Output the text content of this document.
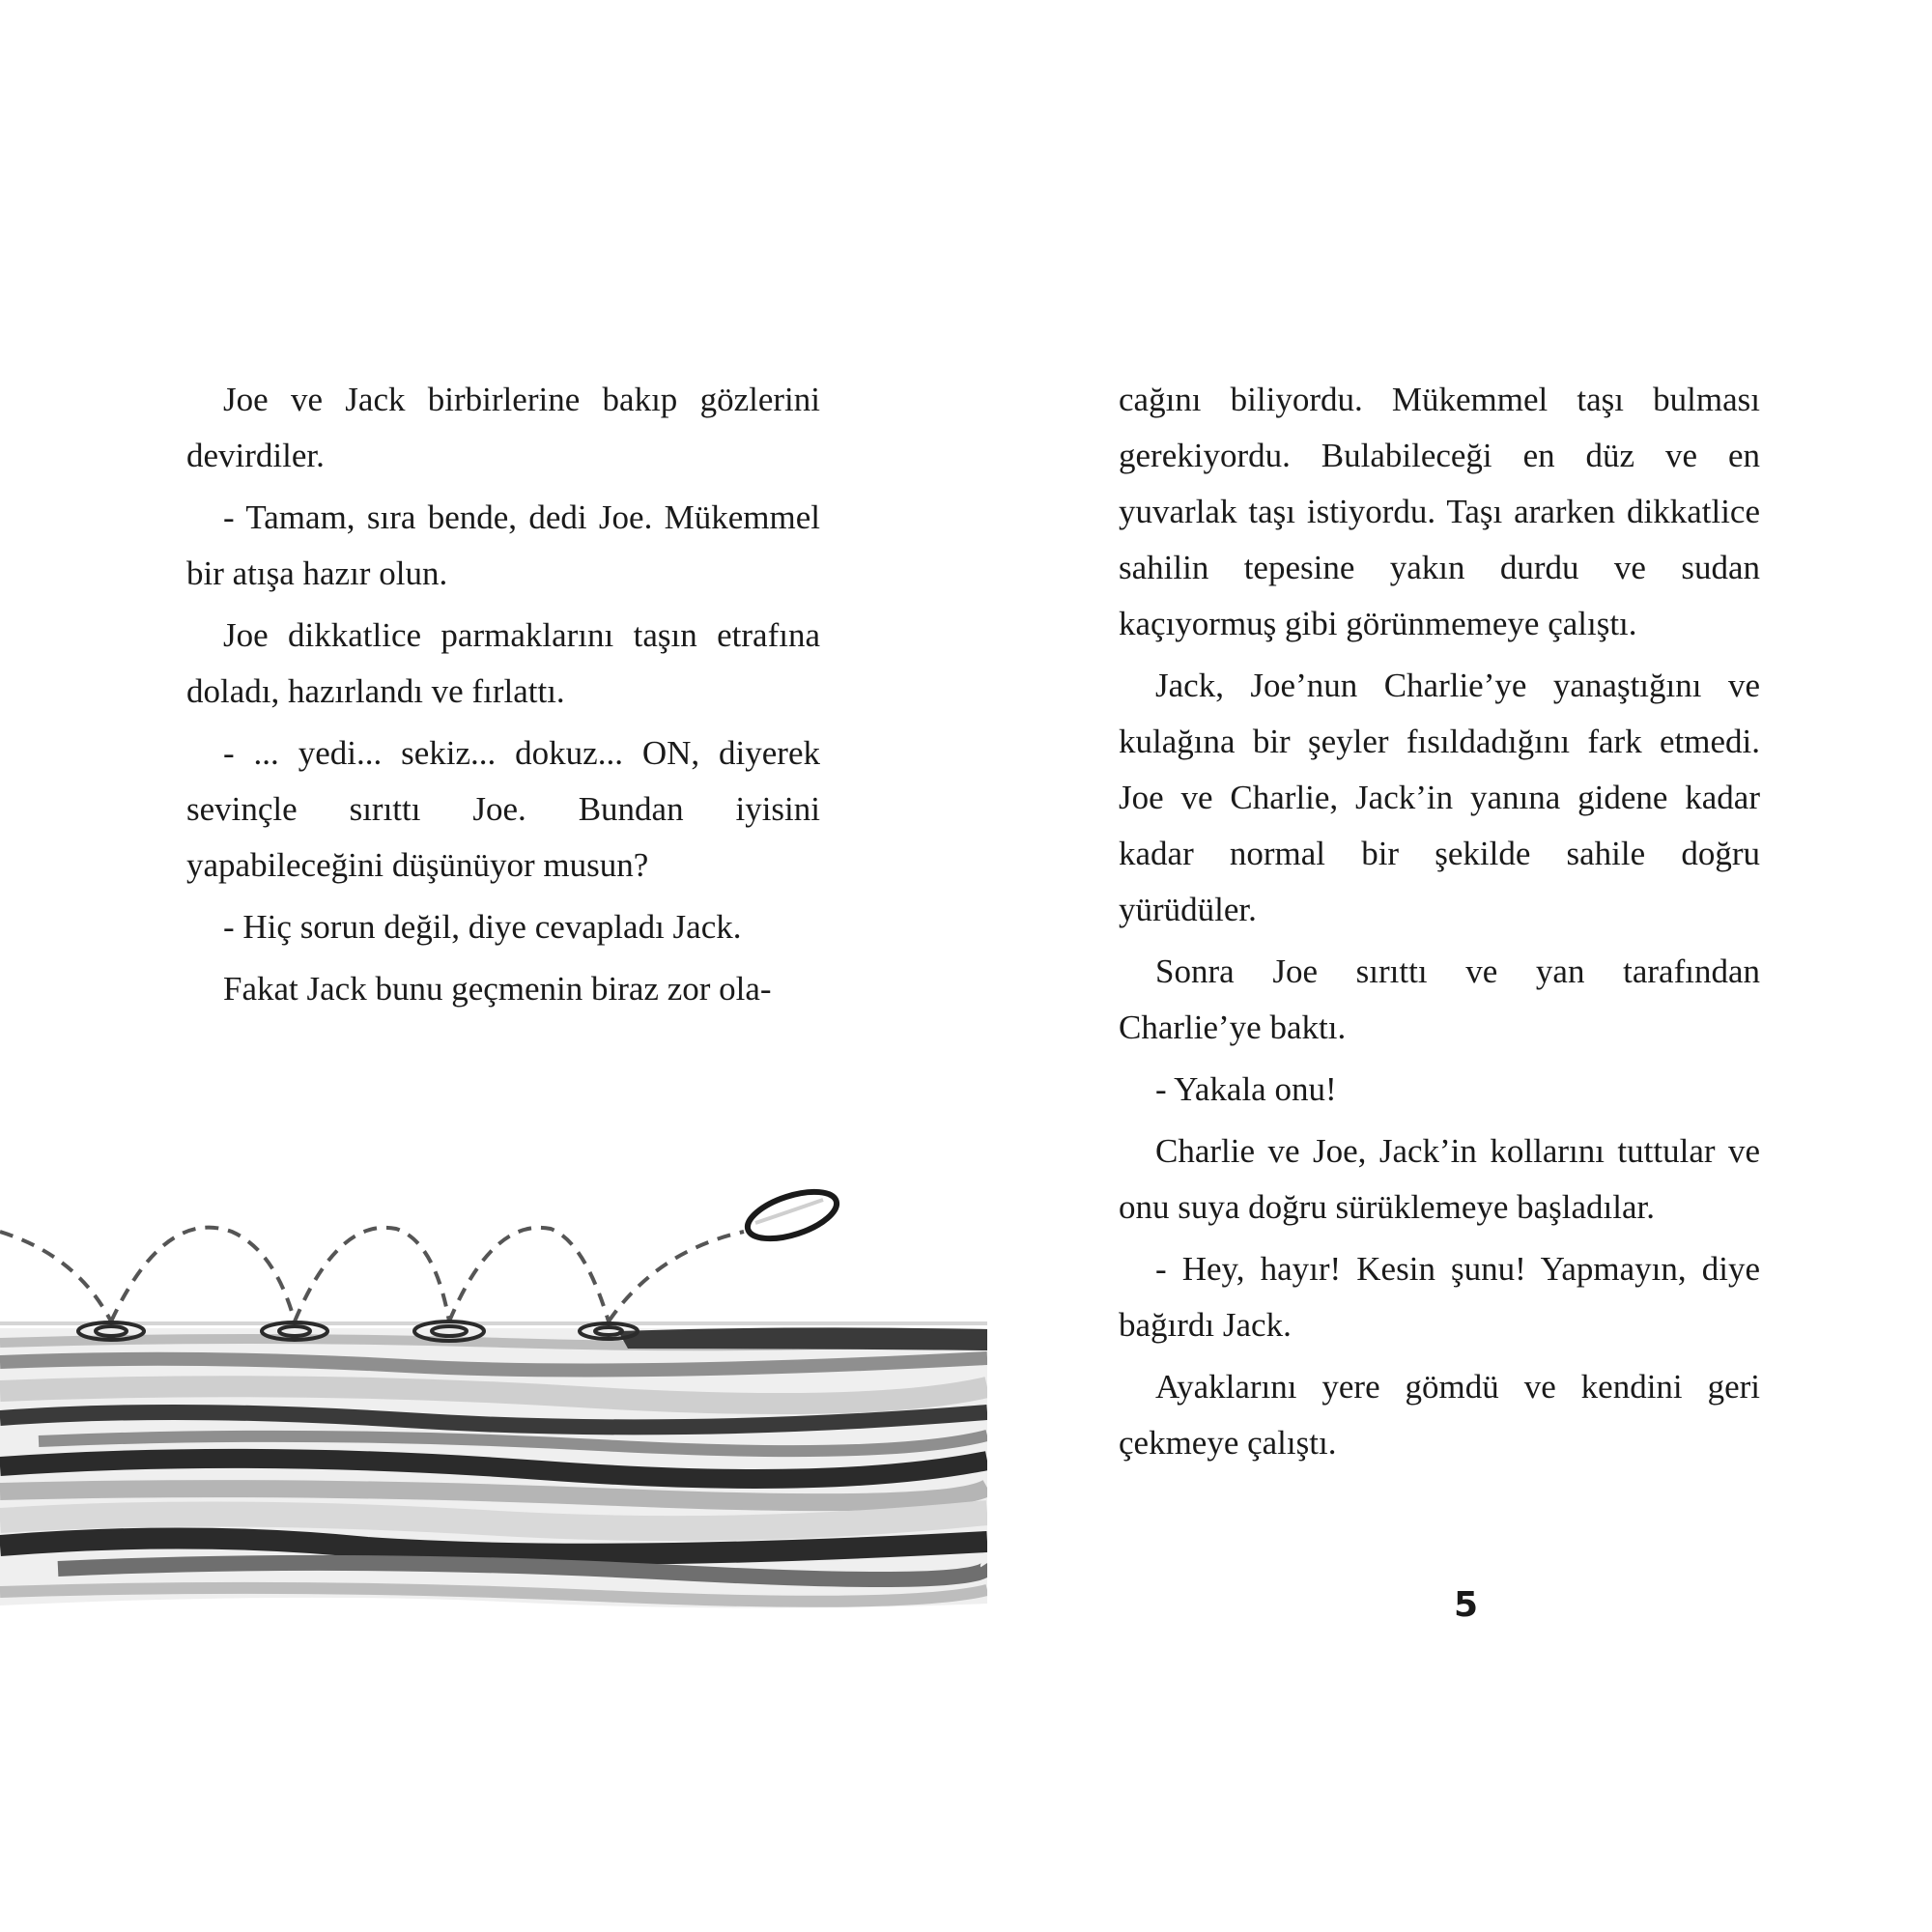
Joe ve Jack birbirlerine bakıp gözlerini devirdiler.

- Tamam, sıra bende, dedi Joe. Mükemmel bir atışa hazır olun.

Joe dikkatlice parmaklarını taşın etrafına doladı, hazırlandı ve fırlattı.

- ... yedi... sekiz... dokuz... ON, diyerek sevinçle sırıttı Joe. Bundan iyisini yapabileceğini düşünüyor musun?

- Hiç sorun değil, diye cevapladı Jack.

Fakat Jack bunu geçmenin biraz zor ola-

cağını biliyordu. Mükemmel taşı bulması gerekiyordu. Bulabileceği en düz ve en yuvarlak taşı istiyordu. Taşı ararken dikkatlice sahilin tepesine yakın durdu ve sudan kaçıyormuş gibi görünmemeye çalıştı.

Jack, Joe’nun Charlie’ye yanaştığını ve kulağına bir şeyler fısıldadığını fark etmedi. Joe ve Charlie, Jack’in yanına gidene kadar kadar normal bir şekilde sahile doğru yürüdüler.

Sonra Joe sırıttı ve yan tarafından Charlie’ye baktı.

- Yakala onu!

Charlie ve Joe, Jack’in kollarını tuttular ve onu suya doğru sürüklemeye başladılar.

- Hey, hayır! Kesin şunu! Yapmayın, diye bağırdı Jack.

Ayaklarını yere gömdü ve kendini geri çekmeye çalıştı.

5
